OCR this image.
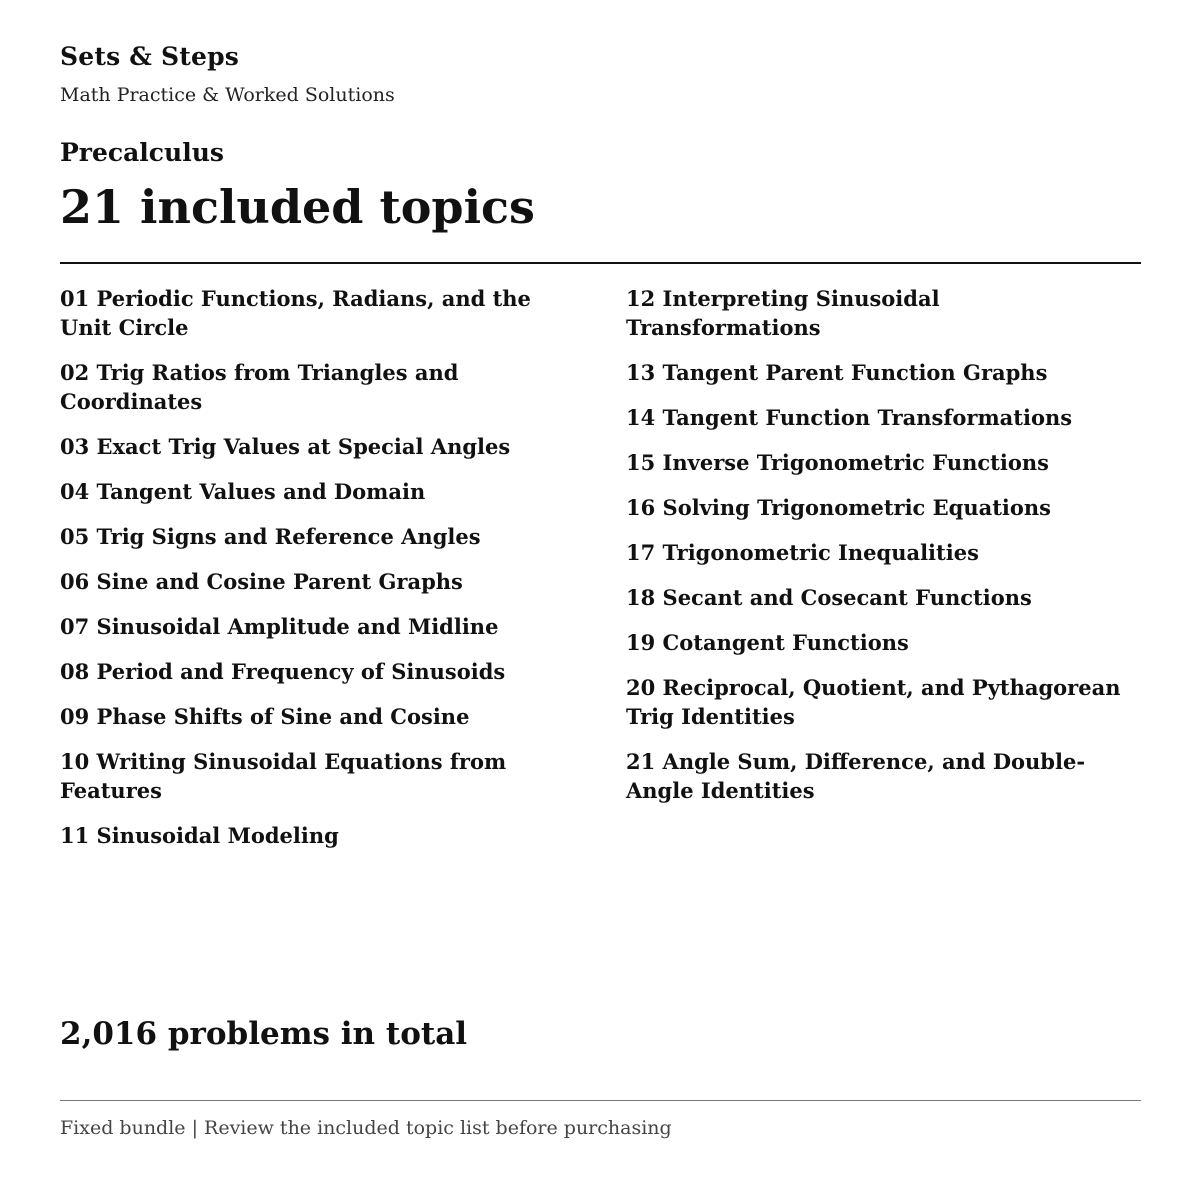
Sets & Steps
Math Practice & Worked Solutions
Precalculus
21 included topics
01 Periodic Functions, Radians, and the Unit Circle
02 Trig Ratios from Triangles and Coordinates
03 Exact Trig Values at Special Angles
04 Tangent Values and Domain
05 Trig Signs and Reference Angles
06 Sine and Cosine Parent Graphs
07 Sinusoidal Amplitude and Midline
08 Period and Frequency of Sinusoids
09 Phase Shifts of Sine and Cosine
10 Writing Sinusoidal Equations from Features
11 Sinusoidal Modeling
12 Interpreting Sinusoidal Transformations
13 Tangent Parent Function Graphs
14 Tangent Function Transformations
15 Inverse Trigonometric Functions
16 Solving Trigonometric Equations
17 Trigonometric Inequalities
18 Secant and Cosecant Functions
19 Cotangent Functions
20 Reciprocal, Quotient, and Pythagorean Trig Identities
21 Angle Sum, Difference, and Double-Angle Identities
2,016 problems in total
Fixed bundle | Review the included topic list before purchasing
